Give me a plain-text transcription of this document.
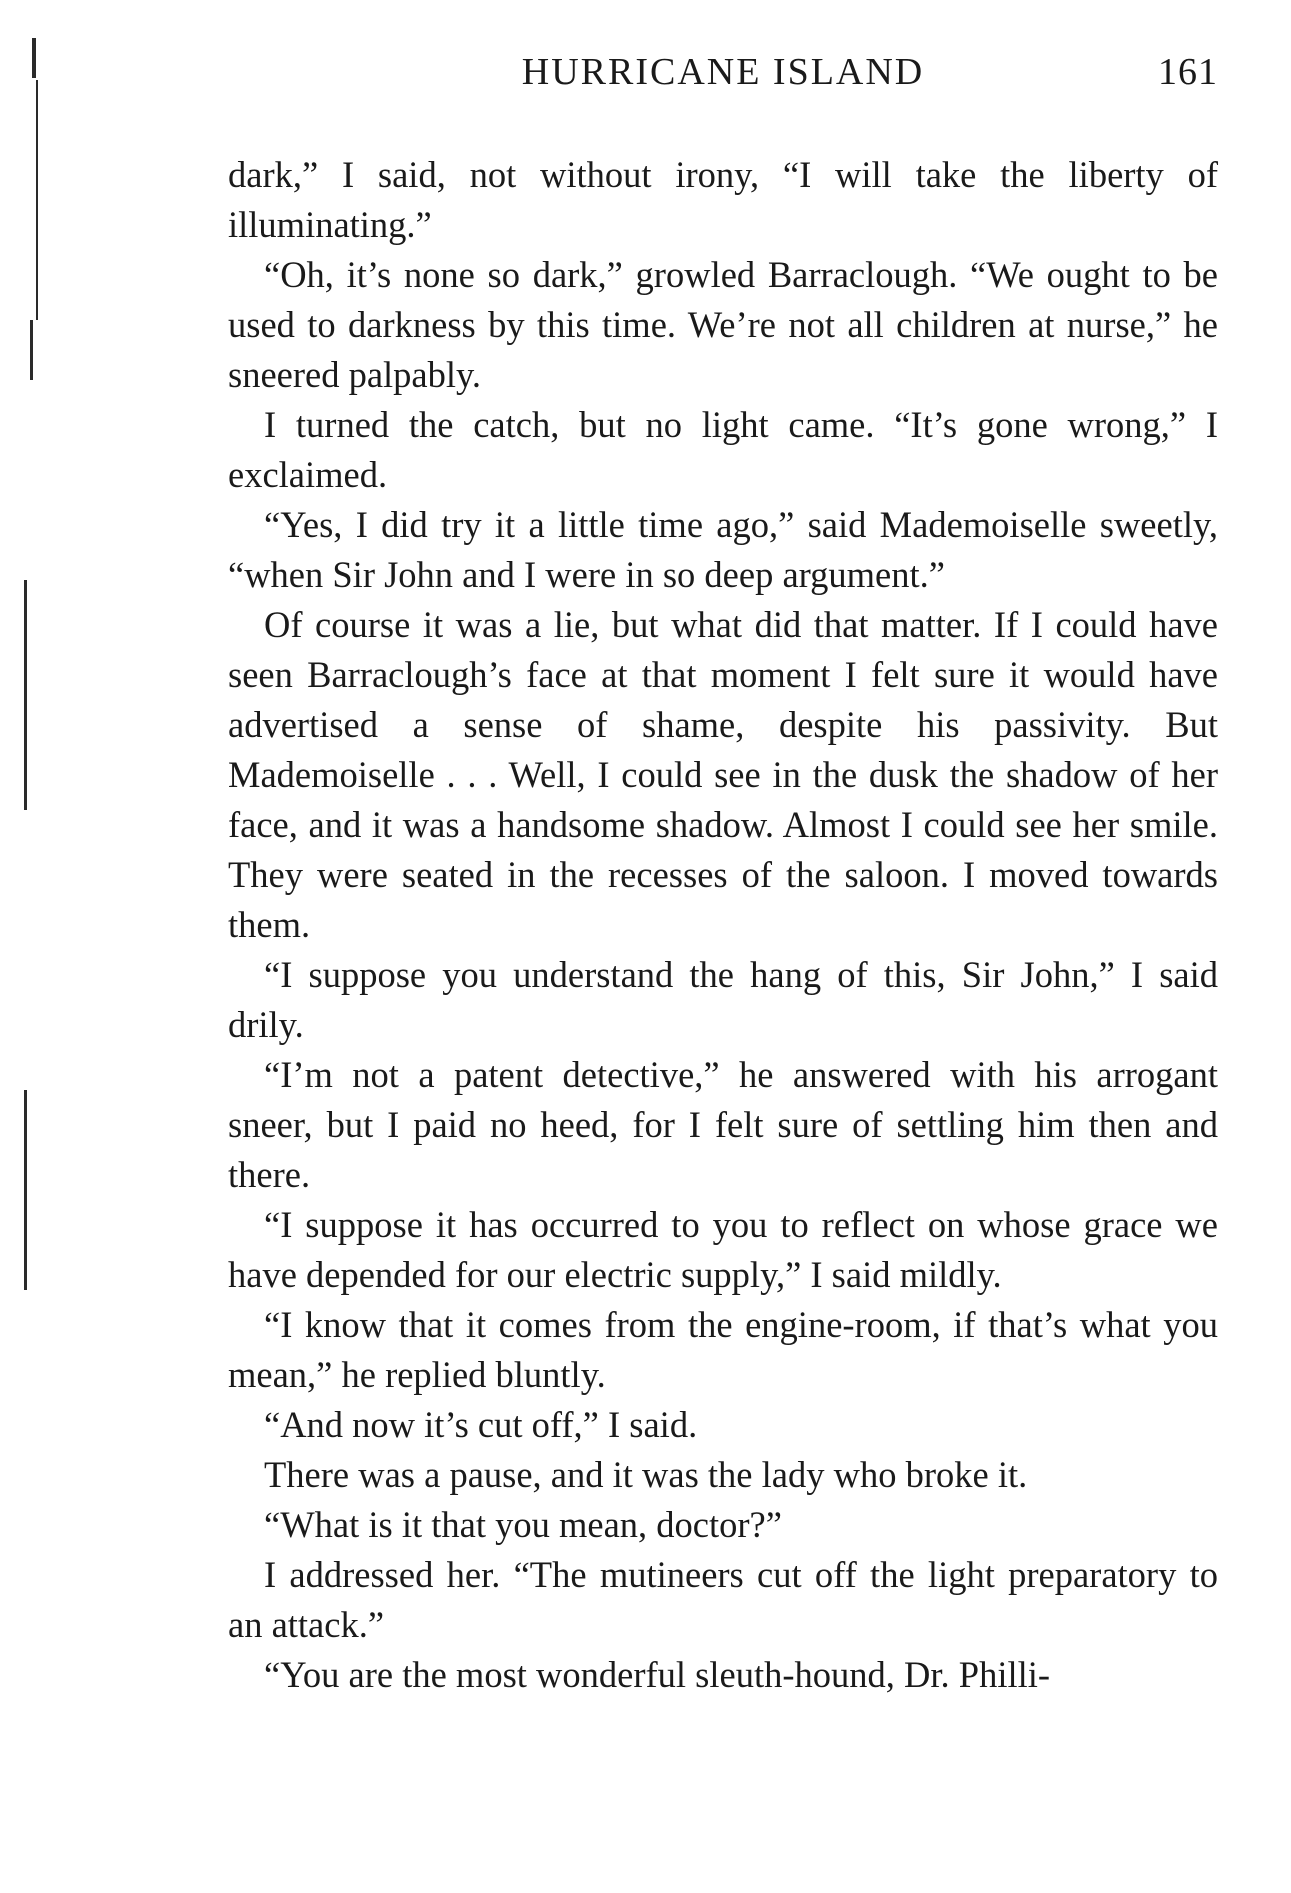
HURRICANE ISLAND	161

dark,” I said, not without irony, “I will take the liberty of illuminating.”

“Oh, it’s none so dark,” growled Barraclough. “We ought to be used to darkness by this time. We’re not all children at nurse,” he sneered palpably.

I turned the catch, but no light came. “It’s gone wrong,” I exclaimed.

“Yes, I did try it a little time ago,” said Mademoiselle sweetly, “when Sir John and I were in so deep argument.”

Of course it was a lie, but what did that matter. If I could have seen Barraclough’s face at that moment I felt sure it would have advertised a sense of shame, despite his passivity. But Mademoiselle . . . Well, I could see in the dusk the shadow of her face, and it was a handsome shadow. Almost I could see her smile. They were seated in the recesses of the saloon. I moved towards them.

“I suppose you understand the hang of this, Sir John,” I said drily.

“I’m not a patent detective,” he answered with his arrogant sneer, but I paid no heed, for I felt sure of settling him then and there.

“I suppose it has occurred to you to reflect on whose grace we have depended for our electric supply,” I said mildly.

“I know that it comes from the engine-room, if that’s what you mean,” he replied bluntly.

“And now it’s cut off,” I said.

There was a pause, and it was the lady who broke it.

“What is it that you mean, doctor?”

I addressed her. “The mutineers cut off the light preparatory to an attack.”

“You are the most wonderful sleuth-hound, Dr. Philli-
